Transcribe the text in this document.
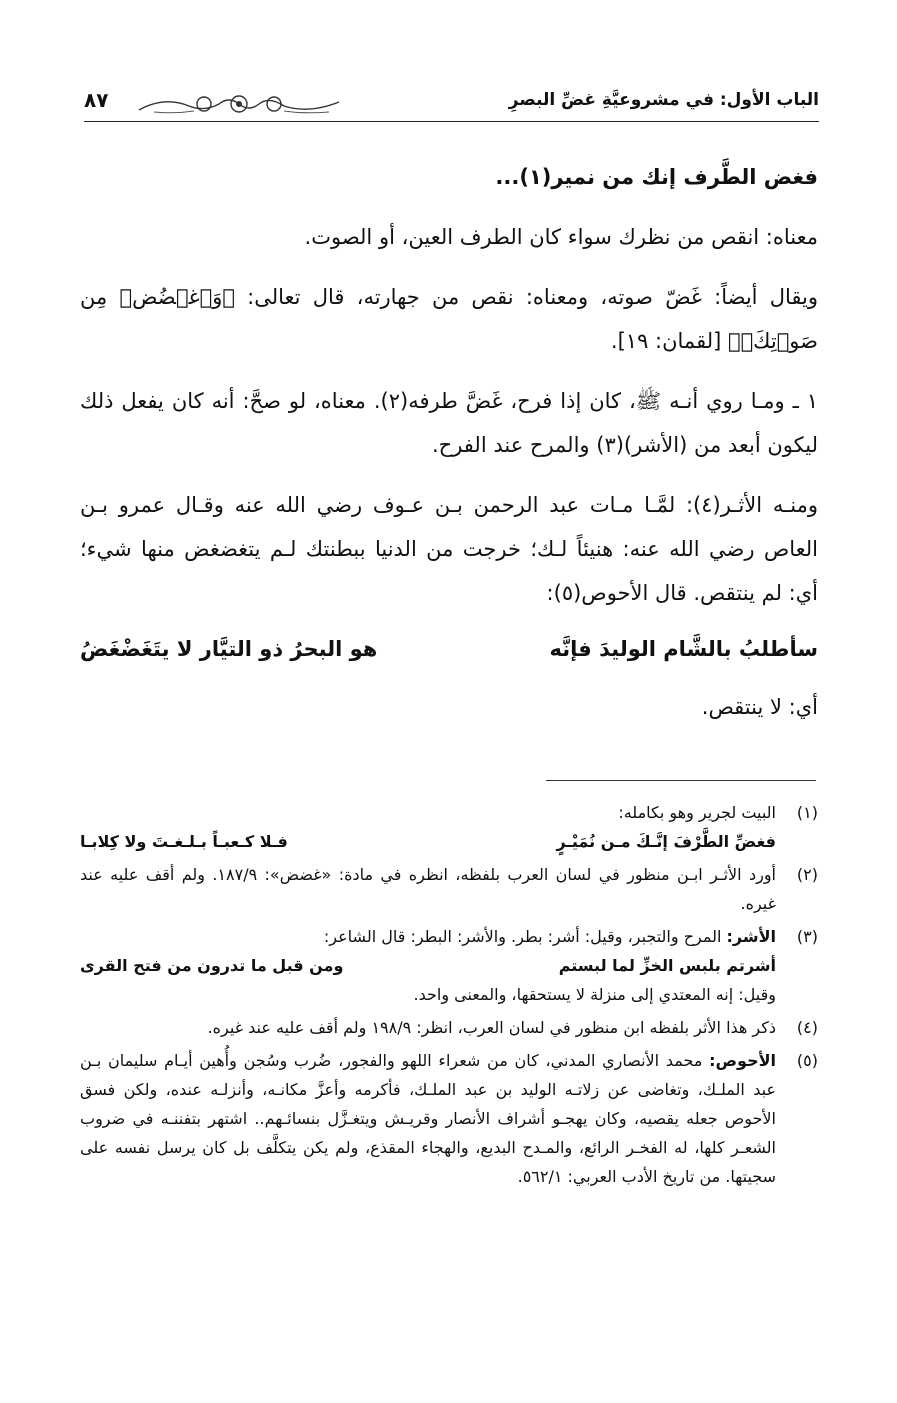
الباب الأول: في مشروعيَّةِ غضِّ البصرِ
٨٧

فغض الطَّرف إنك من نمير(١)...

معناه: انقص من نظرك سواء كان الطرف العين، أو الصوت.

ويقال أيضاً: غَضّ صوته، ومعناه: نقص من جهارته، قال تعالى: ﴿وَٱغۡضُضۡ مِن صَوۡتِكَۚ﴾ [لقمان: ١٩].

١ ـ ومـا روي أنـه ﷺ، كان إذا فرح، غَضَّ طرفه(٢). معناه، لو صحَّ: أنه كان يفعل ذلك ليكون أبعد من (الأشر)(٣) والمرح عند الفرح.

ومنـه الأثـر(٤): لمَّـا مـات عبد الرحمن بـن عـوف رضي الله عنه وقـال عمرو بـن العاص رضي الله عنه: هنيئاً لـك؛ خرجت من الدنيا ببطنتك لـم يتغضغض منها شيء؛ أي: لم ينتقص. قال الأحوص(٥):

سأطلبُ بالشَّام الوليدَ فإنَّه
هو البحرُ ذو التيَّار لا يتَغَضْغَضُ

أي: لا ينتقص.

(١)
البيت لجرير وهو بكامله:
فغضِّ الطَّرْفَ إنَّـكَ مـن نُمَيْـرٍ
فـلا كـعبـاً بـلـغـتَ ولا كِلابـا
(٢)
أورد الأثـر ابـن منظور في لسان العرب بلفظه، انظره في مادة: «غضض»: ١٨٧/٩. ولم أقف عليه عند غيره.
(٣)
الأشر: المرح والتجبر، وقيل: أشر: بطر. والأشر: البطر: قال الشاعر:
أشرتم بلبس الخزِّ لما لبستم
ومن قبل ما تدرون من فتح القرى
وقيل: إنه المعتدي إلى منزلة لا يستحقها، والمعنى واحد.
(٤)
ذكر هذا الأثر بلفظه ابن منظور في لسان العرب، انظر: ١٩٨/٩ ولم أقف عليه عند غيره.
(٥)
الأحوص: محمد الأنصاري المدني، كان من شعراء اللهو والفجور، ضُرب وسُجن وأُهين أيـام سليمان بـن عبد الملـك، وتغاضى عن زلاتـه الوليد بن عبد الملـك، فأكرمه وأعزَّ مكانـه، وأنزلـه عنده، ولكن فسق الأحوص جعله يقصيه، وكان يهجـو أشراف الأنصار وقريـش ويتغـزَّل بنسائـهم.. اشتهر بتفننـه في ضروب الشعـر كلها، له الفخـر الرائع، والمـدح البديع، والهجاء المقذع، ولم يكن يتكلَّف بل كان يرسل نفسه على سجيتها. من تاريخ الأدب العربي: ٥٦٢/١.
